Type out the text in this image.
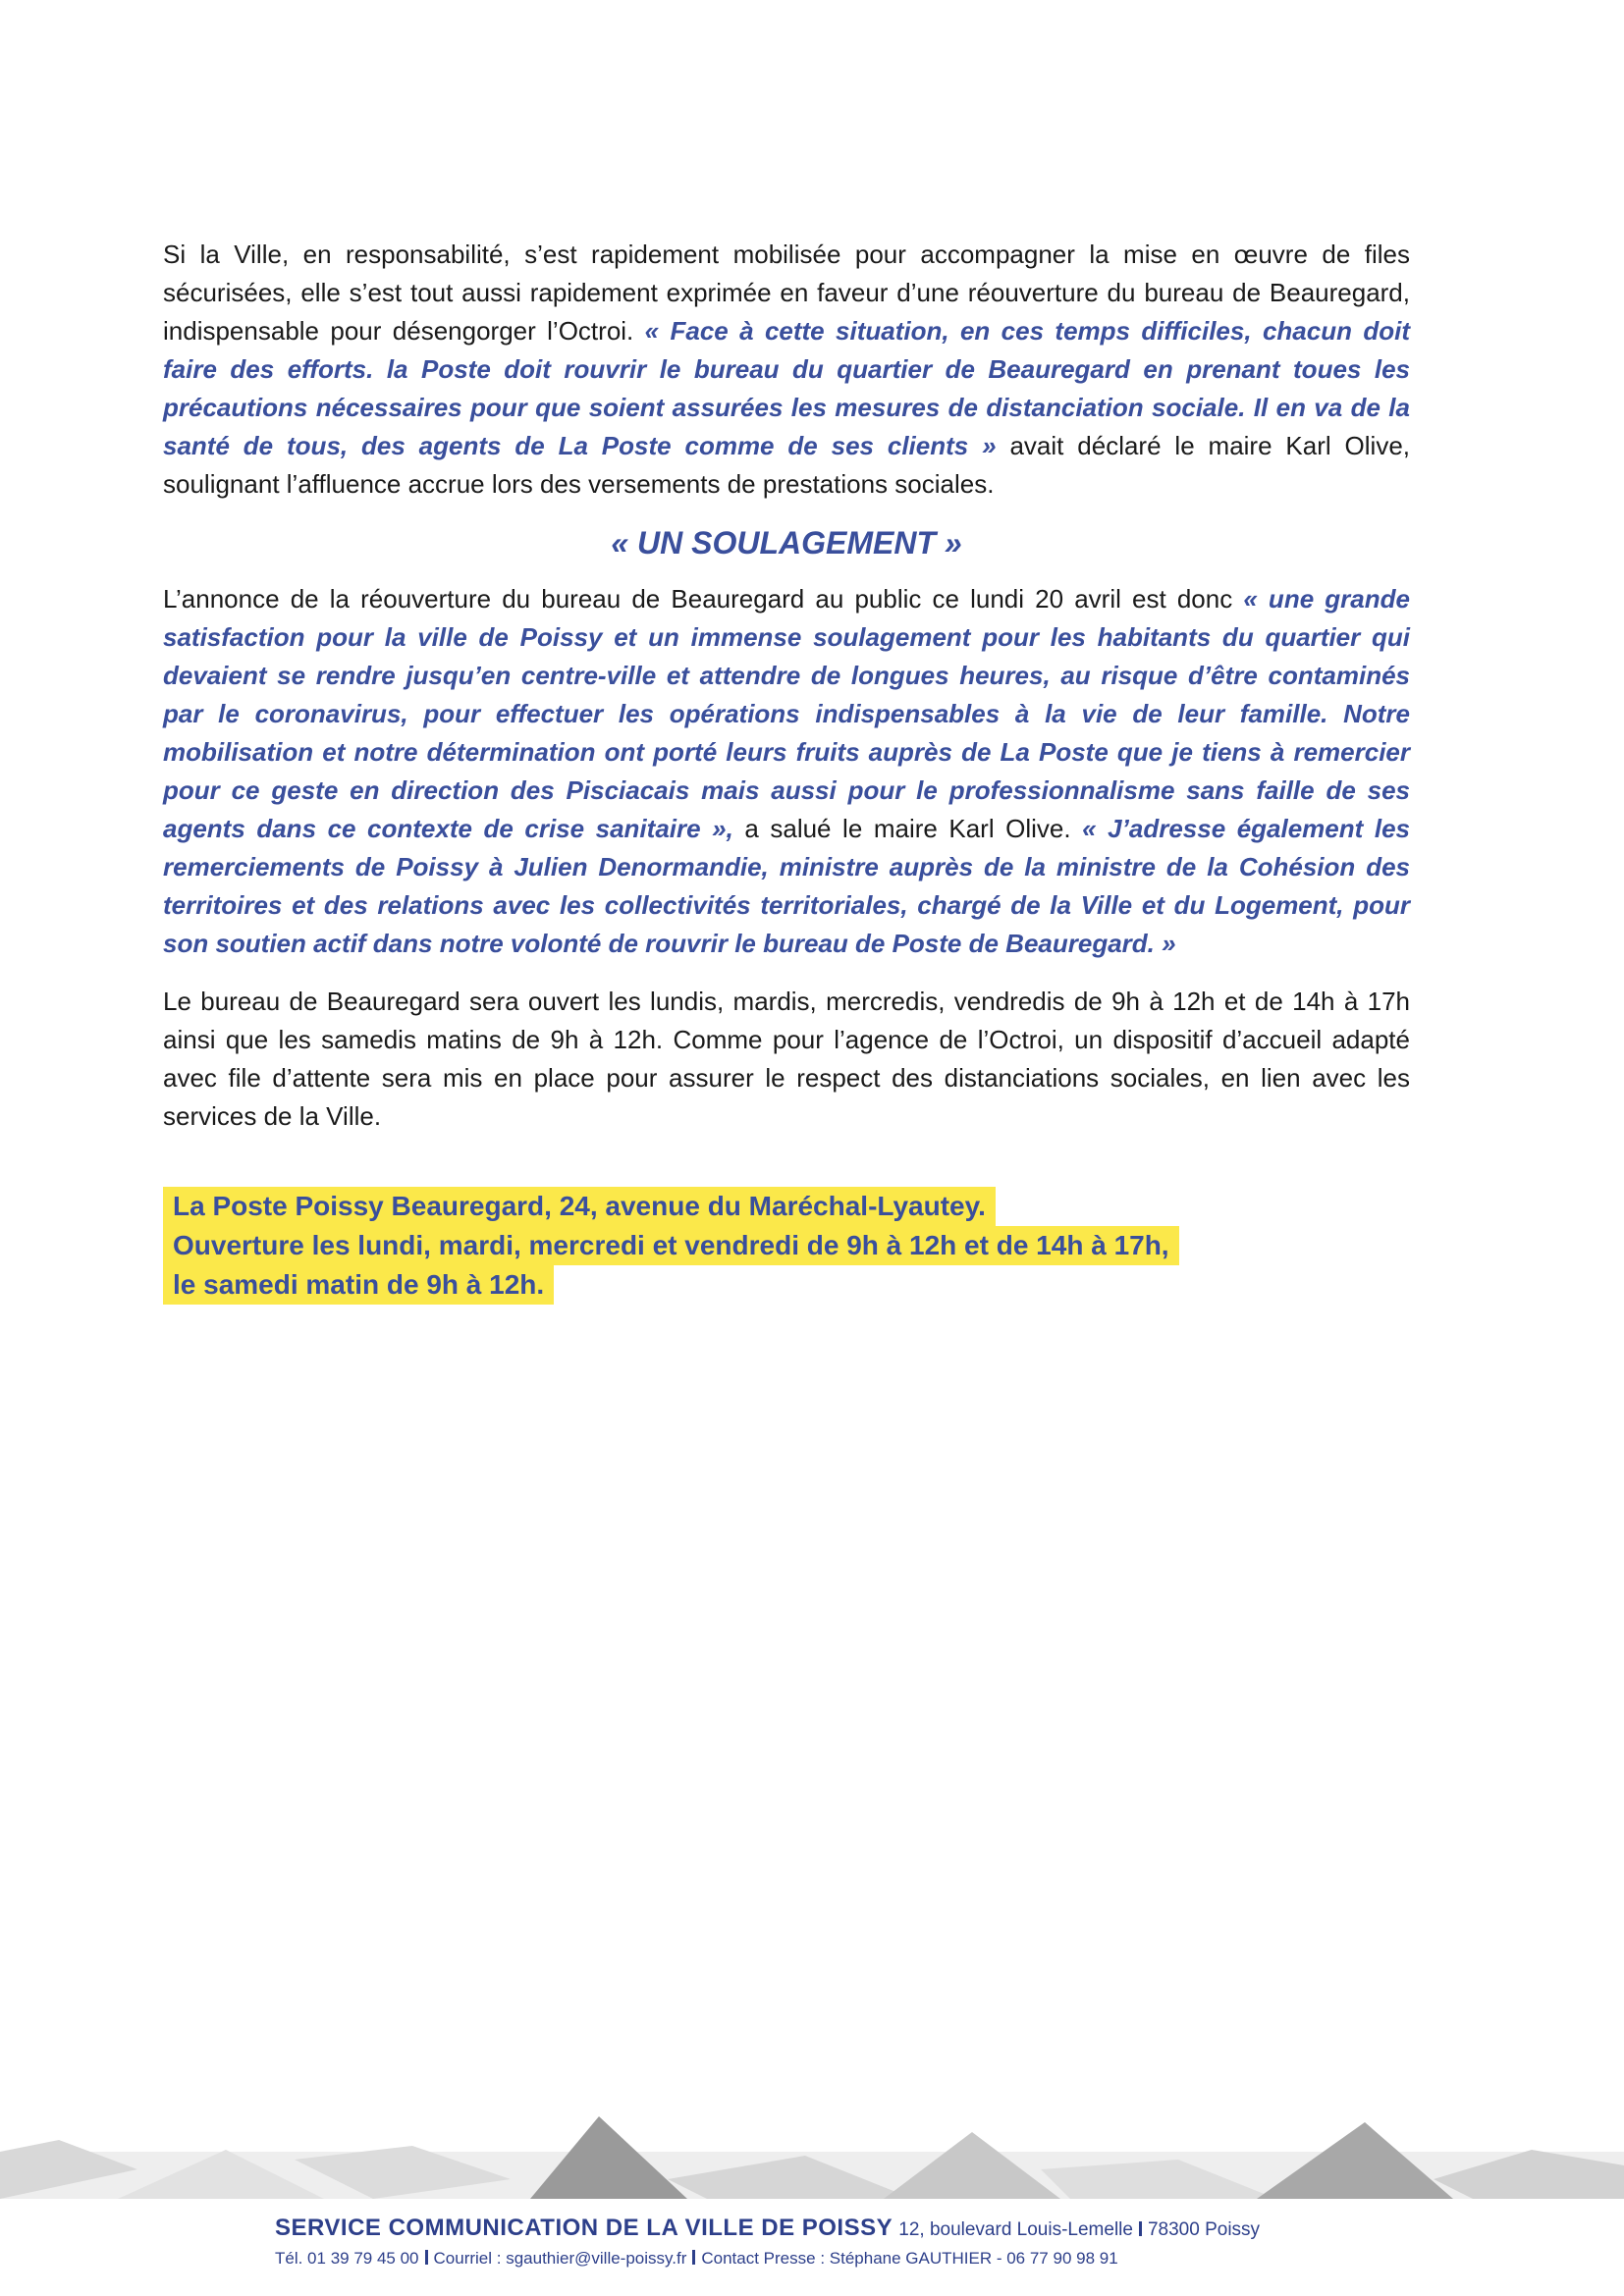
Si la Ville, en responsabilité, s’est rapidement mobilisée pour accompagner la mise en œuvre de files sécurisées, elle s’est tout aussi rapidement exprimée en faveur d’une réouverture du bureau de Beauregard, indispensable pour désengorger l’Octroi. « Face à cette situation, en ces temps difficiles, chacun doit faire des efforts. la Poste doit rouvrir le bureau du quartier de Beauregard en prenant toues les précautions nécessaires pour que soient assurées les mesures de distanciation sociale. Il en va de la santé de tous, des agents de La Poste comme de ses clients » avait déclaré le maire Karl Olive, soulignant l’affluence accrue lors des versements de prestations sociales.

« UN SOULAGEMENT »

L’annonce de la réouverture du bureau de Beauregard au public ce lundi 20 avril est donc « une grande satisfaction pour la ville de Poissy et un immense soulagement pour les habitants du quartier qui devaient se rendre jusqu’en centre-ville et attendre de longues heures, au risque d’être contaminés par le coronavirus, pour effectuer les opérations indispensables à la vie de leur famille. Notre mobilisation et notre détermination ont porté leurs fruits auprès de La Poste que je tiens à remercier pour ce geste en direction des Pisciacais mais aussi pour le professionnalisme sans faille de ses agents dans ce contexte de crise sanitaire », a salué le maire Karl Olive. « J’adresse également les remerciements de Poissy à Julien Denormandie, ministre auprès de la ministre de la Cohésion des territoires et des relations avec les collectivités territoriales, chargé de la Ville et du Logement, pour son soutien actif dans notre volonté de rouvrir le bureau de Poste de Beauregard. »

Le bureau de Beauregard sera ouvert les lundis, mardis, mercredis, vendredis de 9h à 12h et de 14h à 17h ainsi que les samedis matins de 9h à 12h. Comme pour l’agence de l’Octroi, un dispositif d’accueil adapté avec file d’attente sera mis en place pour assurer le respect des distanciations sociales, en lien avec les services de la Ville.

La Poste Poissy Beauregard, 24, avenue du Maréchal-Lyautey.
Ouverture les lundi, mardi, mercredi et vendredi de 9h à 12h et de 14h à 17h,
le samedi matin de 9h à 12h.
SERVICE COMMUNICATION DE LA VILLE DE POISSY 12, boulevard Louis-Lemelle 78300 Poissy
Tél. 01 39 79 45 00 Courriel : sgauthier@ville-poissy.fr Contact Presse : Stéphane GAUTHIER - 06 77 90 98 91
